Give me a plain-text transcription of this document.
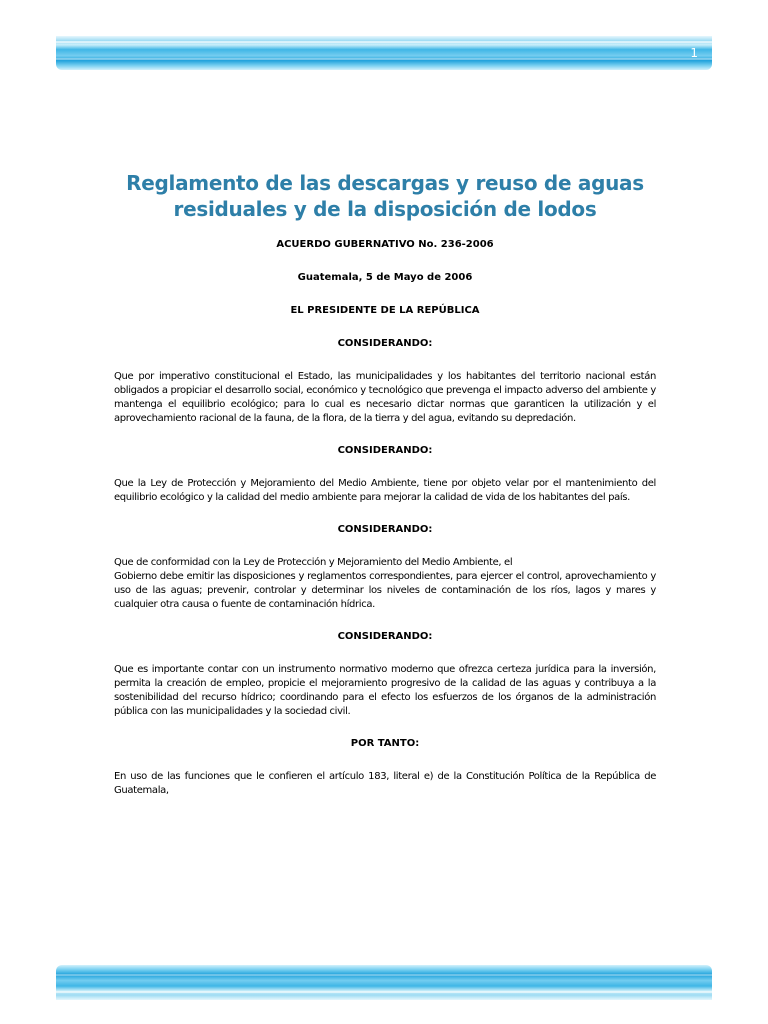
1
Reglamento de las descargas y reuso de aguas
residuales y de la disposición de lodos

ACUERDO GUBERNATIVO No. 236-2006

Guatemala, 5 de Mayo de 2006

EL PRESIDENTE DE LA REPÚBLICA

CONSIDERANDO:

Que por imperativo constitucional el Estado, las municipalidades y los habitantes del territorio nacional están obligados a propiciar el desarrollo social, económico y tecnológico que prevenga el impacto adverso del ambiente y mantenga el equilibrio ecológico; para lo cual es necesario dictar normas que garanticen la utilización y el aprovechamiento racional de la fauna, de la flora, de la tierra y del agua, evitando su depredación.

CONSIDERANDO:

Que la Ley de Protección y Mejoramiento del Medio Ambiente, tiene por objeto velar por el mantenimiento del equilibrio ecológico y la calidad del medio ambiente para mejorar la calidad de vida de los habitantes del país.

CONSIDERANDO:

Que de conformidad con la Ley de Protección y Mejoramiento del Medio Ambiente, el
Gobierno debe emitir las disposiciones y reglamentos correspondientes, para ejercer el control, aprovechamiento y uso de las aguas; prevenir, controlar y determinar los niveles de contaminación de los ríos, lagos y mares y cualquier otra causa o fuente de contaminación hídrica.

CONSIDERANDO:

Que es importante contar con un instrumento normativo moderno que ofrezca certeza jurídica para la inversión, permita la creación de empleo, propicie el mejoramiento progresivo de la calidad de las aguas y contribuya a la sostenibilidad del recurso hídrico; coordinando para el efecto los esfuerzos de los órganos de la administración pública con las municipalidades y la sociedad civil.

POR TANTO:

En uso de las funciones que le confieren el artículo 183, literal e) de la Constitución Política de la República de Guatemala,
